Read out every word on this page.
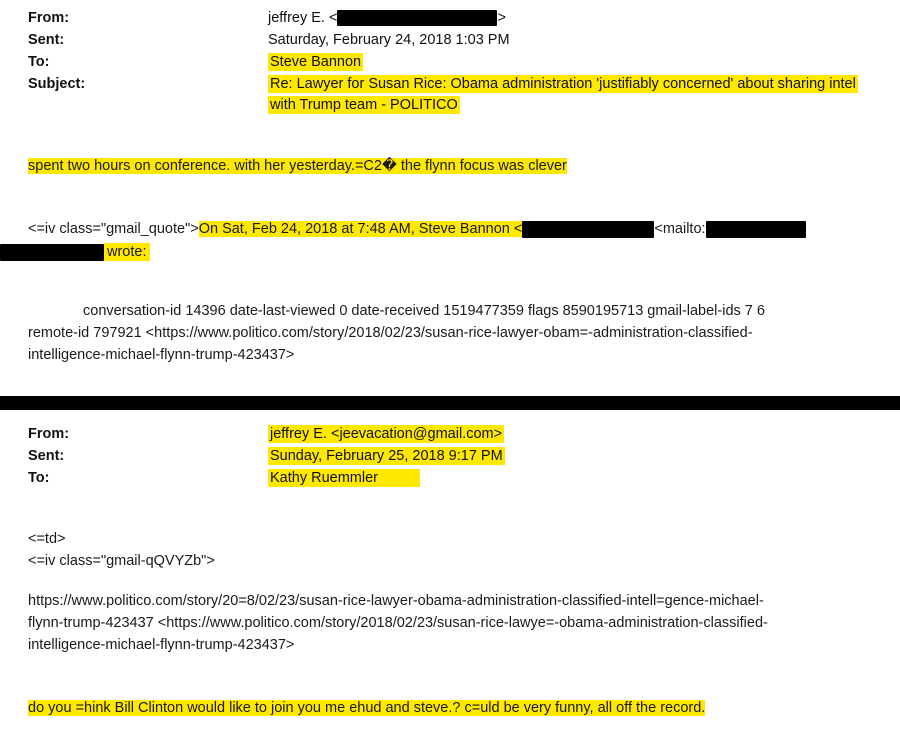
From:	jeffrey E. <	>
Sent:	Saturday, February 24, 2018 1:03 PM
To:	Steve Bannon
Subject:	Re: Lawyer for Susan Rice: Obama administration 'justifiably concerned' about sharing intel with Trump team - POLITICO
spent two hours on conference. with her yesterday.=C2� the flynn focus was clever
<=iv class="gmail_quote">On Sat, Feb 24, 2018 at 7:48 AM, Steve Bannon <	<mailto:
wrote:
conversation-id 14396 date-last-viewed 0 date-received 1519477359 flags 8590195713 gmail-label-ids 7 6
remote-id 797921 <https://www.politico.com/story/2018/02/23/susan-rice-lawyer-obam=-administration-classified-
intelligence-michael-flynn-trump-423437>
From:	jeffrey E. <jeevacation@gmail.com>
Sent:	Sunday, February 25, 2018 9:17 PM
To:	Kathy Ruemmler
<=td>
<=iv class="gmail-qQVYZb">
https://www.politico.com/story/20=8/02/23/susan-rice-lawyer-obama-administration-classified-intell=gence-michael-
flynn-trump-423437 <https://www.politico.com/story/2018/02/23/susan-rice-lawye=-obama-administration-classified-
intelligence-michael-flynn-trump-423437>
do you =hink Bill Clinton would like to join you me ehud and steve.? c=uld be very funny, all off the record.
